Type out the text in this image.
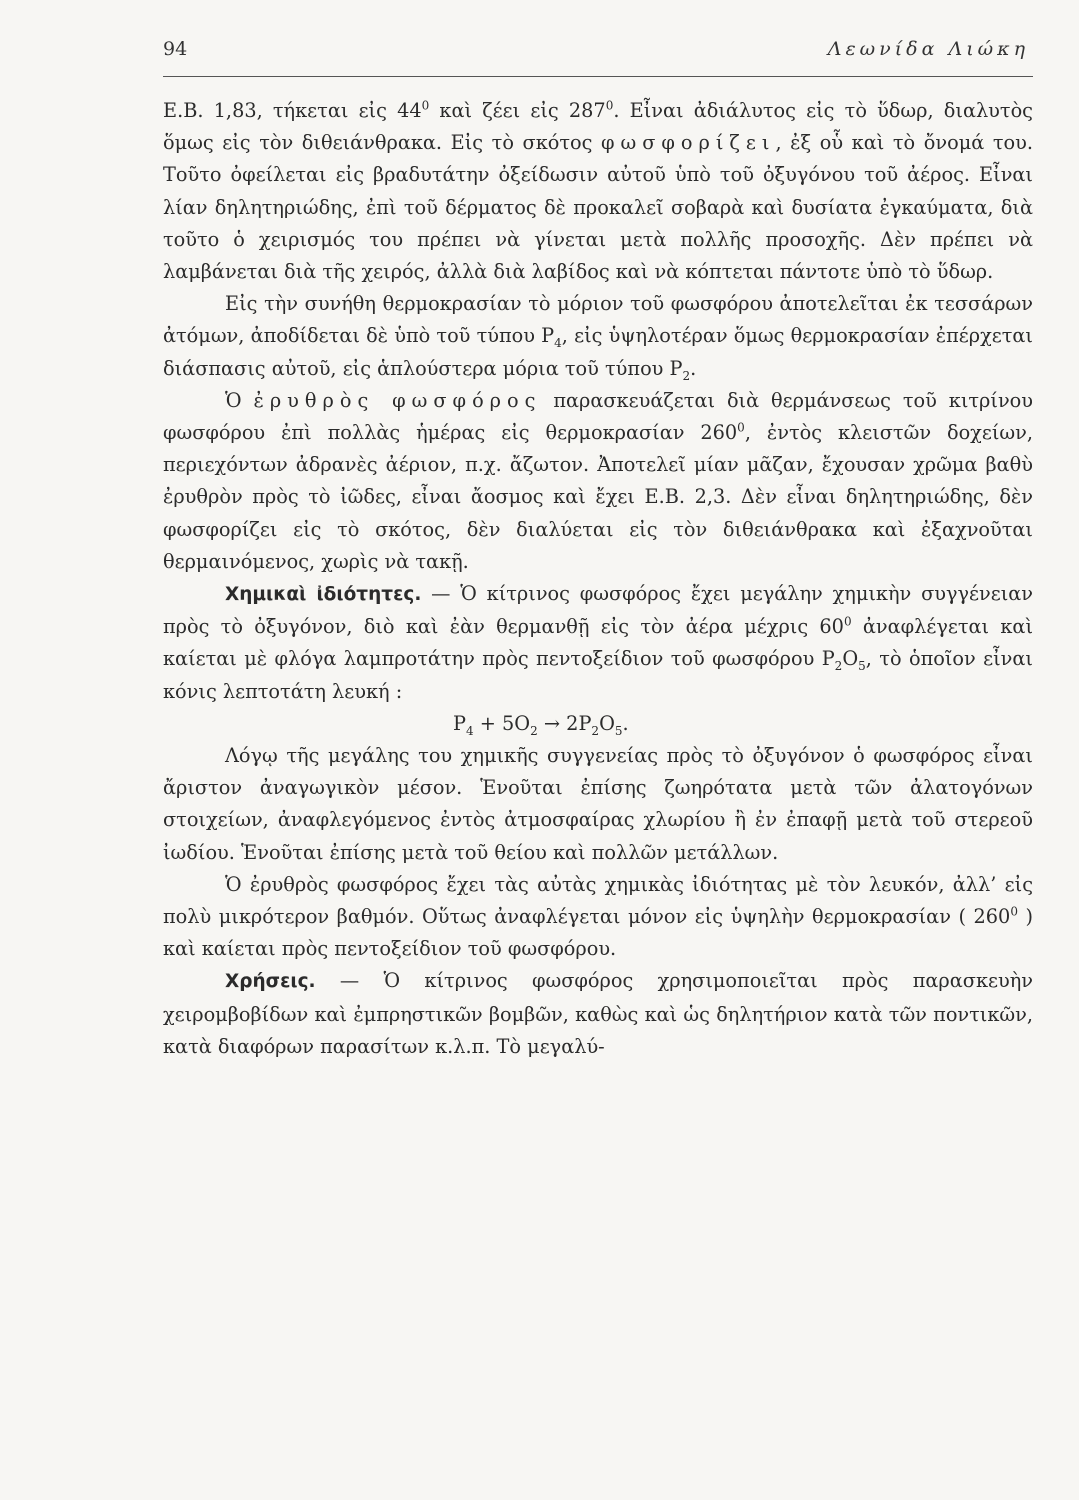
94	Λεωνίδα Λιώκη

Ε.Β. 1,83, τήκεται εἰς $44^0$ καὶ ζέει εἰς $287^0$. Εἶναι ἀδιάλυτος εἰς τὸ ὕδωρ, διαλυτὸς ὅμως εἰς τὸν διθειάνθρακα. Εἰς τὸ σκότος φωσφορίζει, ἐξ οὗ καὶ τὸ ὄνομά του. Τοῦτο ὀφείλεται εἰς βραδυτάτην ὀξείδωσιν αὐτοῦ ὑπὸ τοῦ ὀξυγόνου τοῦ ἀέρος. Εἶναι λίαν δηλητηριώδης, ἐπὶ τοῦ δέρματος δὲ προκαλεῖ σοβαρὰ καὶ δυσίατα ἐγκαύματα, διὰ τοῦτο ὁ χειρισμός του πρέπει νὰ γίνεται μετὰ πολλῆς προσοχῆς. Δὲν πρέπει νὰ λαμβάνεται διὰ τῆς χειρός, ἀλλὰ διὰ λαβίδος καὶ νὰ κόπτεται πάντοτε ὑπὸ τὸ ὕδωρ.

Εἰς τὴν συνήθη θερμοκρασίαν τὸ μόριον τοῦ φωσφόρου ἀποτελεῖται ἐκ τεσσάρων ἀτόμων, ἀποδίδεται δὲ ὑπὸ τοῦ τύπου $P_4$, εἰς ὑψηλοτέραν ὅμως θερμοκρασίαν ἐπέρχεται διάσπασις αὐτοῦ, εἰς ἁπλούστερα μόρια τοῦ τύπου $P_2$.

Ὁ ἐρυθρὸς φωσφόρος παρασκευάζεται διὰ θερμάνσεως τοῦ κιτρίνου φωσφόρου ἐπὶ πολλὰς ἡμέρας εἰς θερμοκρασίαν $260^0$, ἐντὸς κλειστῶν δοχείων, περιεχόντων ἀδρανὲς ἀέριον, π.χ. ἄζωτον. Ἀποτελεῖ μίαν μᾶζαν, ἔχουσαν χρῶμα βαθὺ ἐρυθρὸν πρὸς τὸ ἰῶδες, εἶναι ἄοσμος καὶ ἔχει Ε.Β. 2,3. Δὲν εἶναι δηλητηριώδης, δὲν φωσφορίζει εἰς τὸ σκότος, δὲν διαλύεται εἰς τὸν διθειάνθρακα καὶ ἐξαχνοῦται θερμαινόμενος, χωρὶς νὰ τακῇ.

Χημικαὶ ἰδιότητες. — Ὁ κίτρινος φωσφόρος ἔχει μεγάλην χημικὴν συγγένειαν πρὸς τὸ ὀξυγόνον, διὸ καὶ ἐὰν θερμανθῇ εἰς τὸν ἀέρα μέχρις $60^0$ ἀναφλέγεται καὶ καίεται μὲ φλόγα λαμπροτάτην πρὸς πεντοξείδιον τοῦ φωσφόρου $P_2O_5$, τὸ ὁποῖον εἶναι κόνις λεπτοτάτη λευκή :

$P_4 + 5O_2 \to 2P_2O_5$.

Λόγῳ τῆς μεγάλης του χημικῆς συγγενείας πρὸς τὸ ὀξυγόνον ὁ φωσφόρος εἶναι ἄριστον ἀναγωγικὸν μέσον. Ἑνοῦται ἐπίσης ζωηρότατα μετὰ τῶν ἀλατογόνων στοιχείων, ἀναφλεγόμενος ἐντὸς ἀτμοσφαίρας χλωρίου ἢ ἐν ἐπαφῇ μετὰ τοῦ στερεοῦ ἰωδίου. Ἑνοῦται ἐπίσης μετὰ τοῦ θείου καὶ πολλῶν μετάλλων.

Ὁ ἐρυθρὸς φωσφόρος ἔχει τὰς αὐτὰς χημικὰς ἰδιότητας μὲ τὸν λευκόν, ἀλλ’ εἰς πολὺ μικρότερον βαθμόν. Οὕτως ἀναφλέγεται μόνον εἰς ὑψηλὴν θερμοκρασίαν ( $260^0$ ) καὶ καίεται πρὸς πεντοξείδιον τοῦ φωσφόρου.

Χρήσεις. — Ὁ κίτρινος φωσφόρος χρησιμοποιεῖται πρὸς παρασκευὴν χειρομβοβίδων καὶ ἐμπρηστικῶν βομβῶν, καθὼς καὶ ὡς δηλητήριον κατὰ τῶν ποντικῶν, κατὰ διαφόρων παρασίτων κ.λ.π. Τὸ μεγαλύ-
